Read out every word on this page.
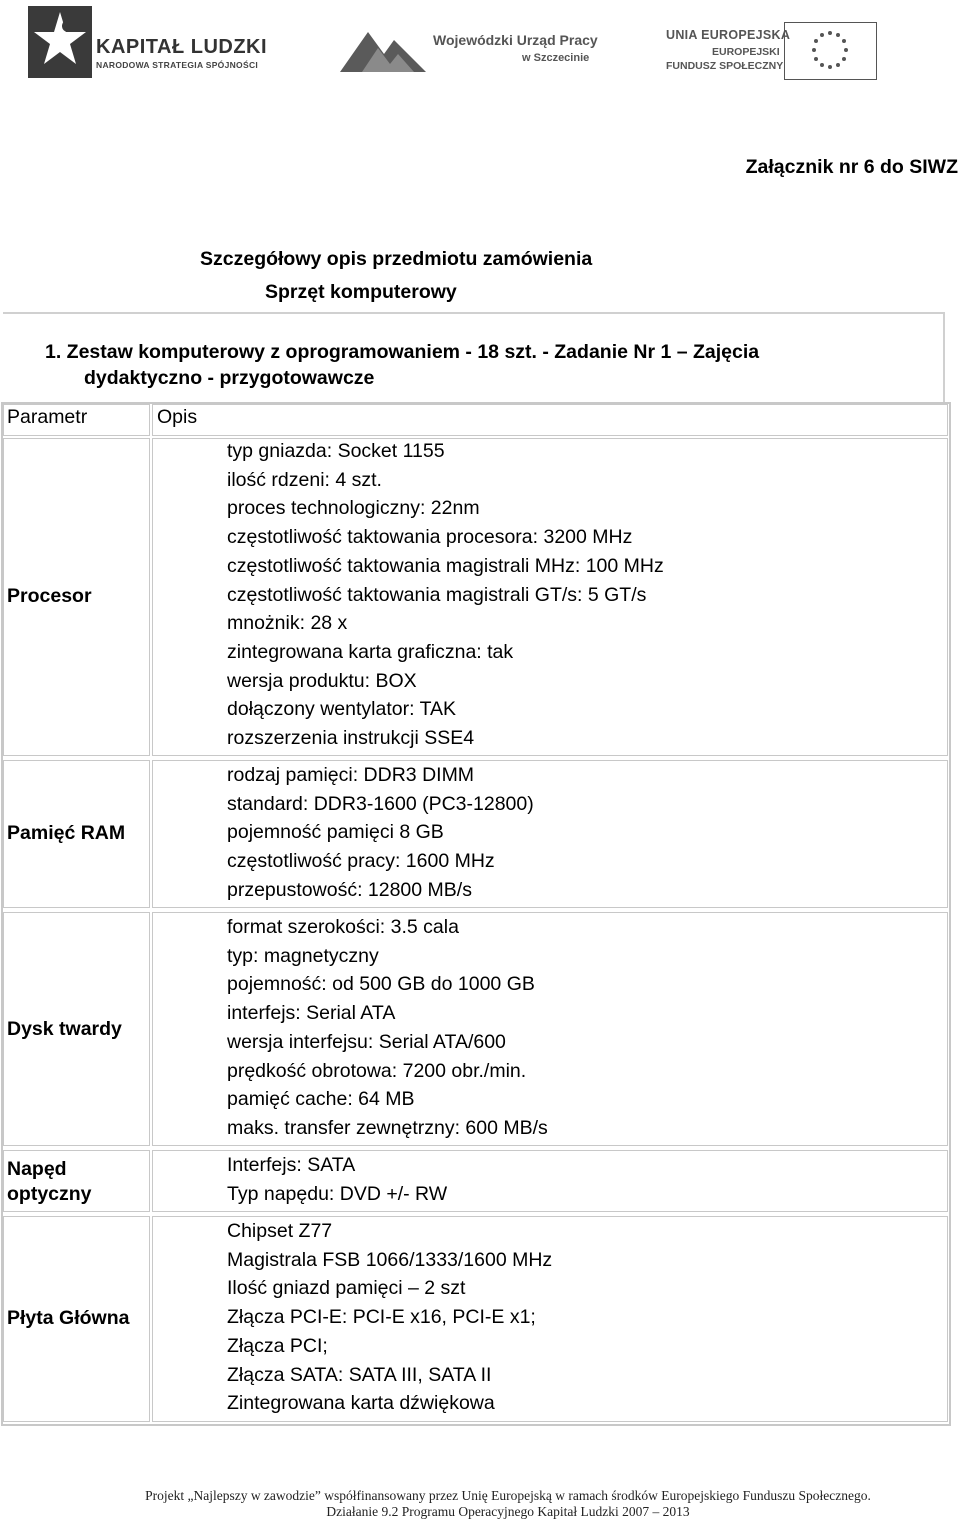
KAPITAŁ LUDZKI
NARODOWA STRATEGIA SPÓJNOŚCI
Wojewódzki Urząd Pracy
w Szczecinie
UNIA EUROPEJSKA
EUROPEJSKI
FUNDUSZ SPOŁECZNY
Załącznik nr 6 do SIWZ
Szczegółowy opis przedmiotu zamówienia
Sprzęt komputerowy
1. Zestaw komputerowy z oprogramowaniem - 18 szt. - Zadanie Nr 1 – Zajęcia
dydaktyczno - przygotowawcze
Parametr	Opis
Procesor
typ gniazda: Socket 1155
ilość rdzeni: 4 szt.
proces technologiczny: 22nm
częstotliwość taktowania procesora: 3200 MHz
częstotliwość taktowania magistrali MHz: 100 MHz
częstotliwość taktowania magistrali GT/s: 5 GT/s
mnożnik: 28 x
zintegrowana karta graficzna: tak
wersja produktu: BOX
dołączony wentylator: TAK
rozszerzenia instrukcji SSE4
Pamięć RAM
rodzaj pamięci: DDR3 DIMM
standard: DDR3-1600 (PC3-12800)
pojemność pamięci 8 GB
częstotliwość pracy: 1600 MHz
przepustowość: 12800 MB/s
Dysk twardy
format szerokości: 3.5 cala
typ: magnetyczny
pojemność: od 500 GB do 1000 GB
interfejs: Serial ATA
wersja interfejsu: Serial ATA/600
prędkość obrotowa: 7200 obr./min.
pamięć cache: 64 MB
maks. transfer zewnętrzny: 600 MB/s
Napęd
optyczny
Interfejs: SATA
Typ napędu: DVD +/- RW
Płyta Główna
Chipset Z77
Magistrala FSB 1066/1333/1600 MHz
Ilość gniazd pamięci – 2 szt
Złącza PCI-E: PCI-E x16, PCI-E x1;
Złącza PCI;
Złącza SATA: SATA III, SATA II
Zintegrowana karta dźwiękowa
Projekt „Najlepszy w zawodzie” współfinansowany przez Unię Europejską w ramach środków Europejskiego Funduszu Społecznego.
Działanie 9.2 Programu Operacyjnego Kapitał Ludzki 2007 – 2013
